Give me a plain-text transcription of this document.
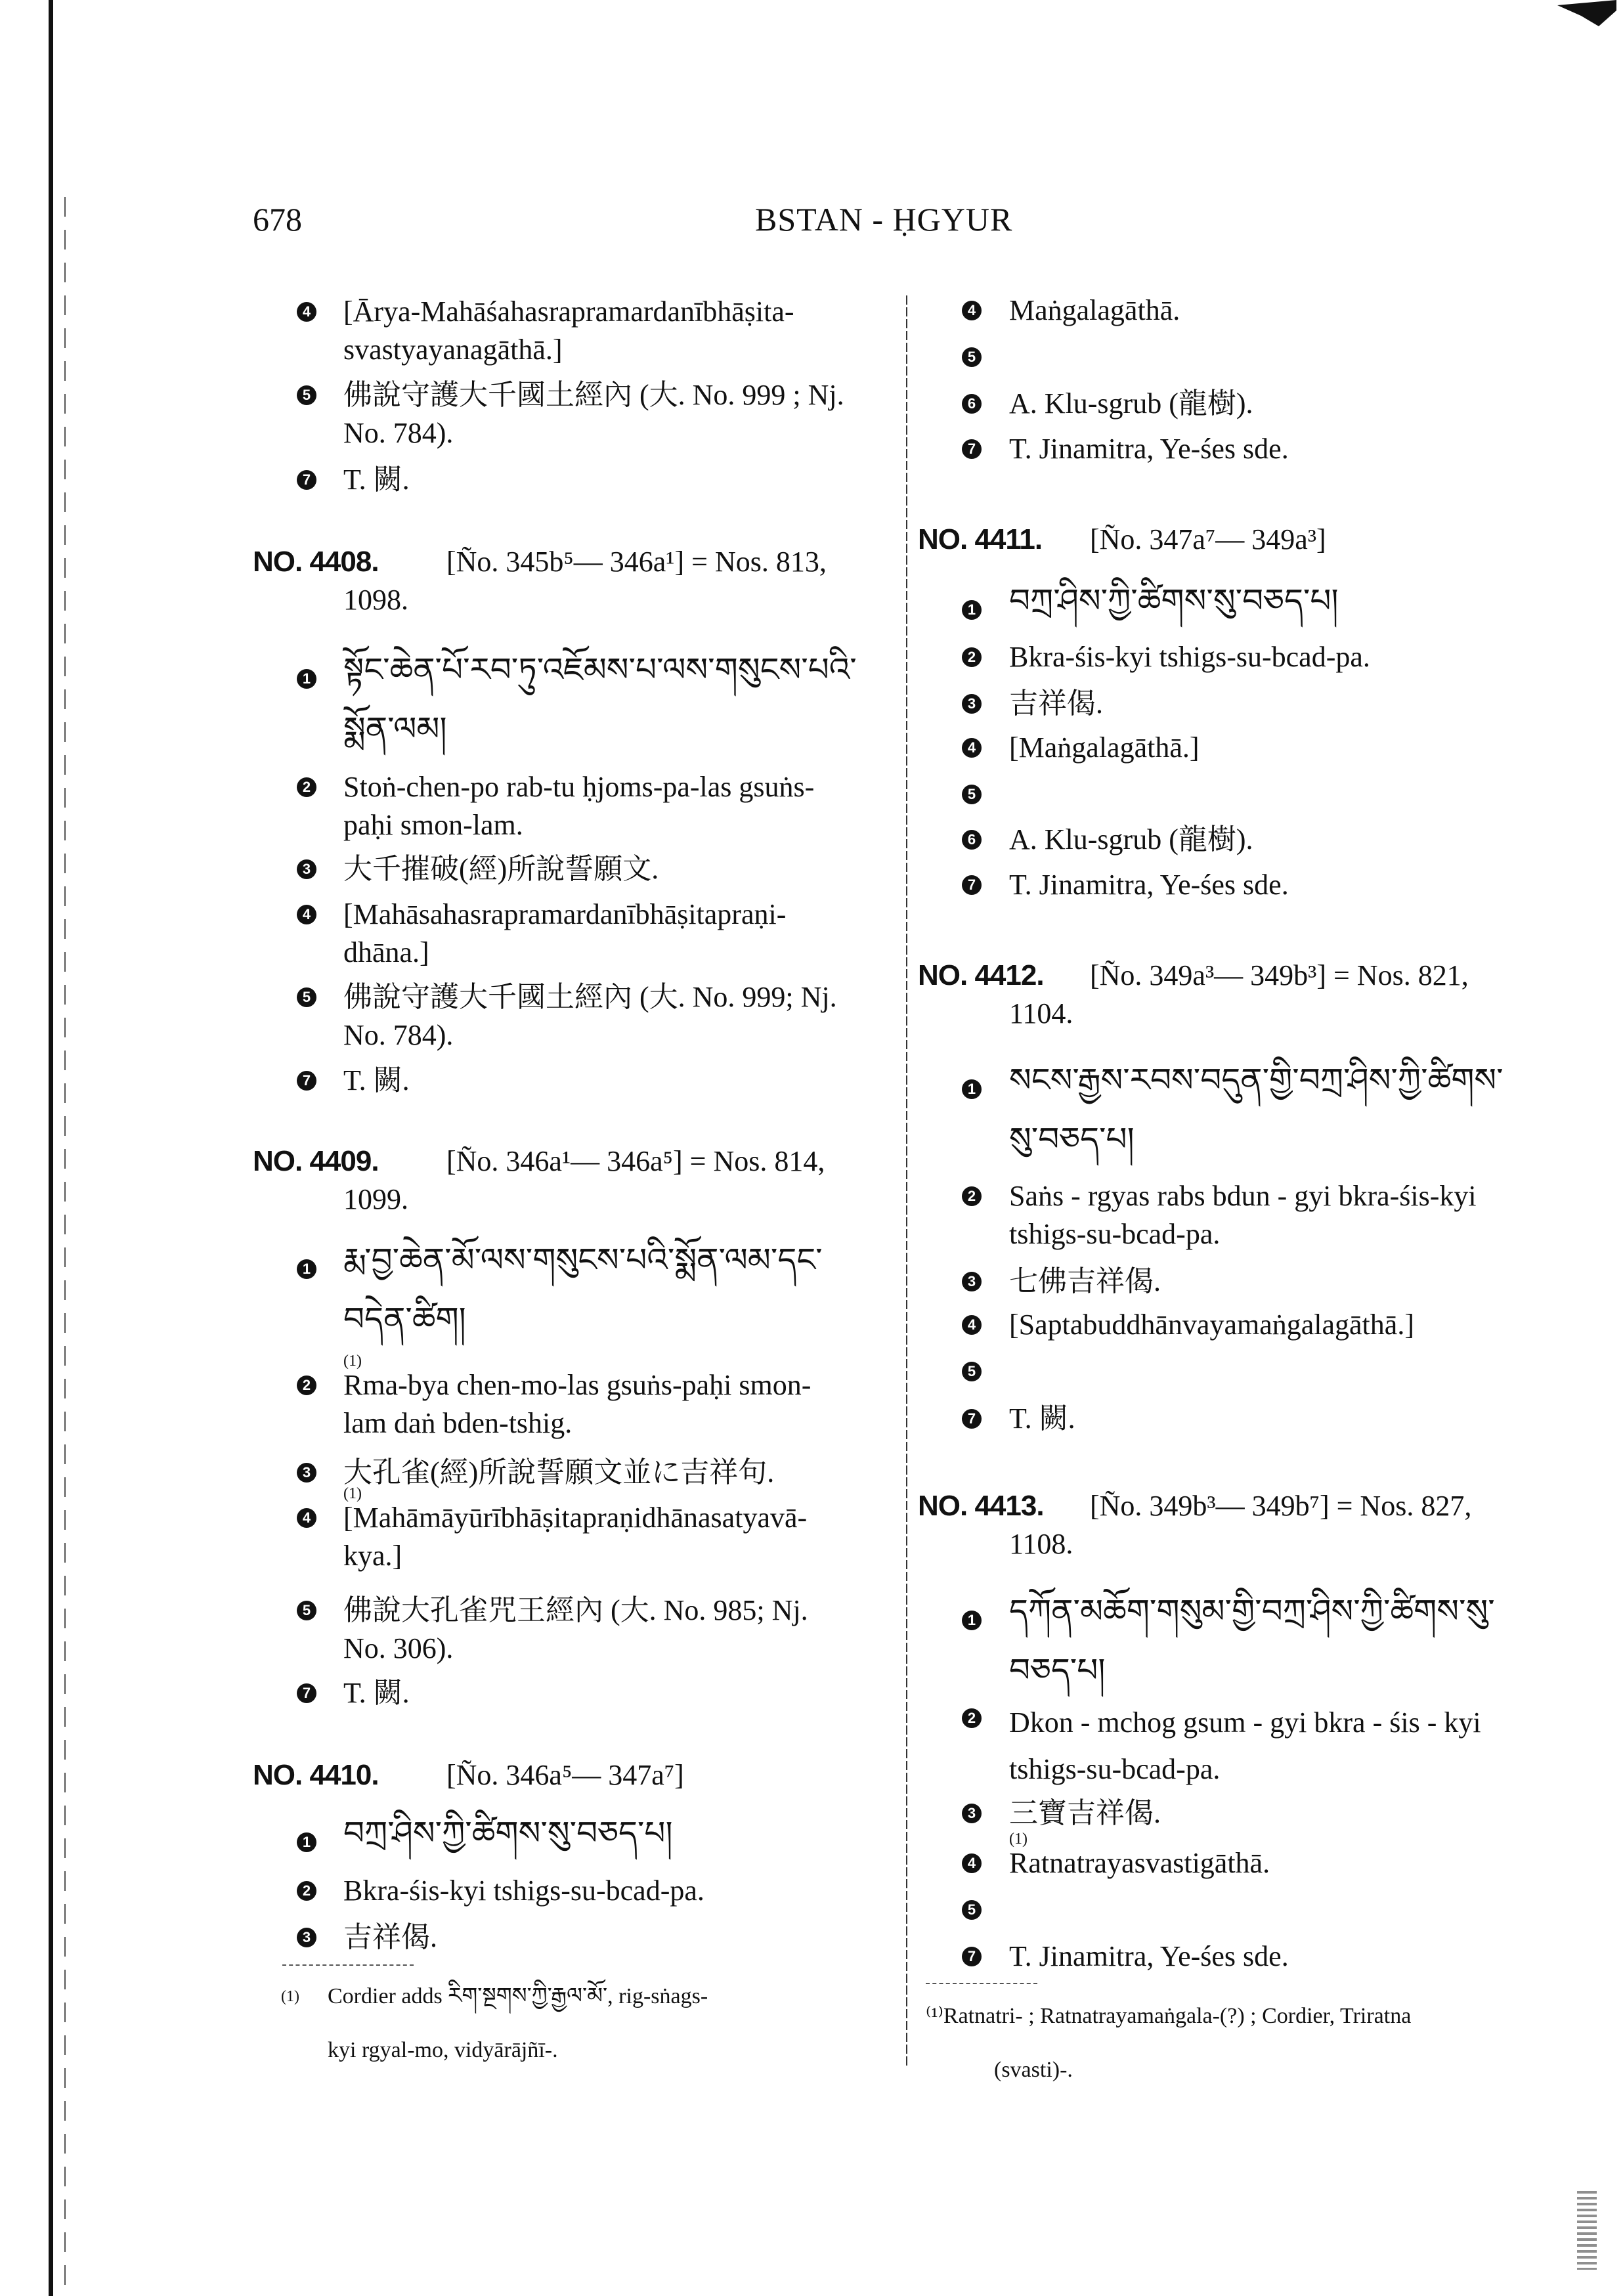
678	BSTAN - ḤGYUR
4 [Ārya-Mahāśahasrapramardanībhāṣita-
svastyayanagāthā.]
5 佛說守護大千國土經內 (大. No. 999 ; Nj.
No. 784).
7 T. 闕.
NO. 4408. [Ño. 345b⁵— 346a¹] = Nos. 813,
1098.
1 སྟོང་ཆེན་པོ་རབ་ཏུ་འཇོམས་པ་ལས་གསུངས་པའི་
སྨོན་ལམ།
2 Stoṅ-chen-po rab-tu ḥjoms-pa-las gsuṅs-
paḥi smon-lam.
3 大千摧破(經)所說誓願文.
4 [Mahāsahasrapramardanībhāṣitapraṇi-
dhāna.]
5 佛說守護大千國土經內 (大. No. 999; Nj.
No. 784).
7 T. 闕.
NO. 4409. [Ño. 346a¹— 346a⁵] = Nos. 814,
1099.
1 རྨ་བྱ་ཆེན་མོ་ལས་གསུངས་པའི་སྨོན་ལམ་དང་
བདེན་ཚིག།
2
(1)
Rma-bya chen-mo-las gsuṅs-paḥi smon-
lam daṅ bden-tshig.
3 大孔雀(經)所說誓願文並に吉祥句.
4
(1)
[Mahāmāyūrībhāṣitapraṇidhānasatyavā-
kya.]
5 佛說大孔雀咒王經內 (大. No. 985; Nj.
No. 306).
7 T. 闕.
NO. 4410. [Ño. 346a⁵— 347a⁷]
1 བཀྲ་ཤིས་ཀྱི་ཚིགས་སུ་བཅད་པ།
2 Bkra-śis-kyi tshigs-su-bcad-pa.
3 吉祥偈.
(1) Cordier adds རིག་སྔགས་ཀྱི་རྒྱལ་མོ་, rig-sṅags-
kyi rgyal-mo, vidyārājñī-.
4 Maṅgalagāthā.
5
6 A. Klu-sgrub (龍樹).
7 T. Jinamitra, Ye-śes sde.
NO. 4411. [Ño. 347a⁷— 349a³]
1 བཀྲ་ཤིས་ཀྱི་ཚིགས་སུ་བཅད་པ།
2 Bkra-śis-kyi tshigs-su-bcad-pa.
3 吉祥偈.
4 [Maṅgalagāthā.]
5
6 A. Klu-sgrub (龍樹).
7 T. Jinamitra, Ye-śes sde.
NO. 4412. [Ño. 349a³— 349b³] = Nos. 821,
1104.
1 སངས་རྒྱས་རབས་བདུན་གྱི་བཀྲ་ཤིས་ཀྱི་ཚིགས་
སུ་བཅད་པ།
2 Saṅs - rgyas rabs bdun - gyi bkra-śis-kyi
tshigs-su-bcad-pa.
3 七佛吉祥偈.
4 [Saptabuddhānvayamaṅgalagāthā.]
5
7 T. 闕.
NO. 4413. [Ño. 349b³— 349b⁷] = Nos. 827,
1108.
1 དཀོན་མཆོག་གསུམ་གྱི་བཀྲ་ཤིས་ཀྱི་ཚིགས་སུ་
བཅད་པ།
2 Dkon - mchog gsum - gyi bkra - śis - kyi
tshigs-su-bcad-pa.
3 三寶吉祥偈.
4
(1)
Ratnatrayasvastigāthā.
5
7 T. Jinamitra, Ye-śes sde.
⁽¹⁾Ratnatri- ; Ratnatrayamaṅgala-(?) ; Cordier, Triratna
(svasti)-.
